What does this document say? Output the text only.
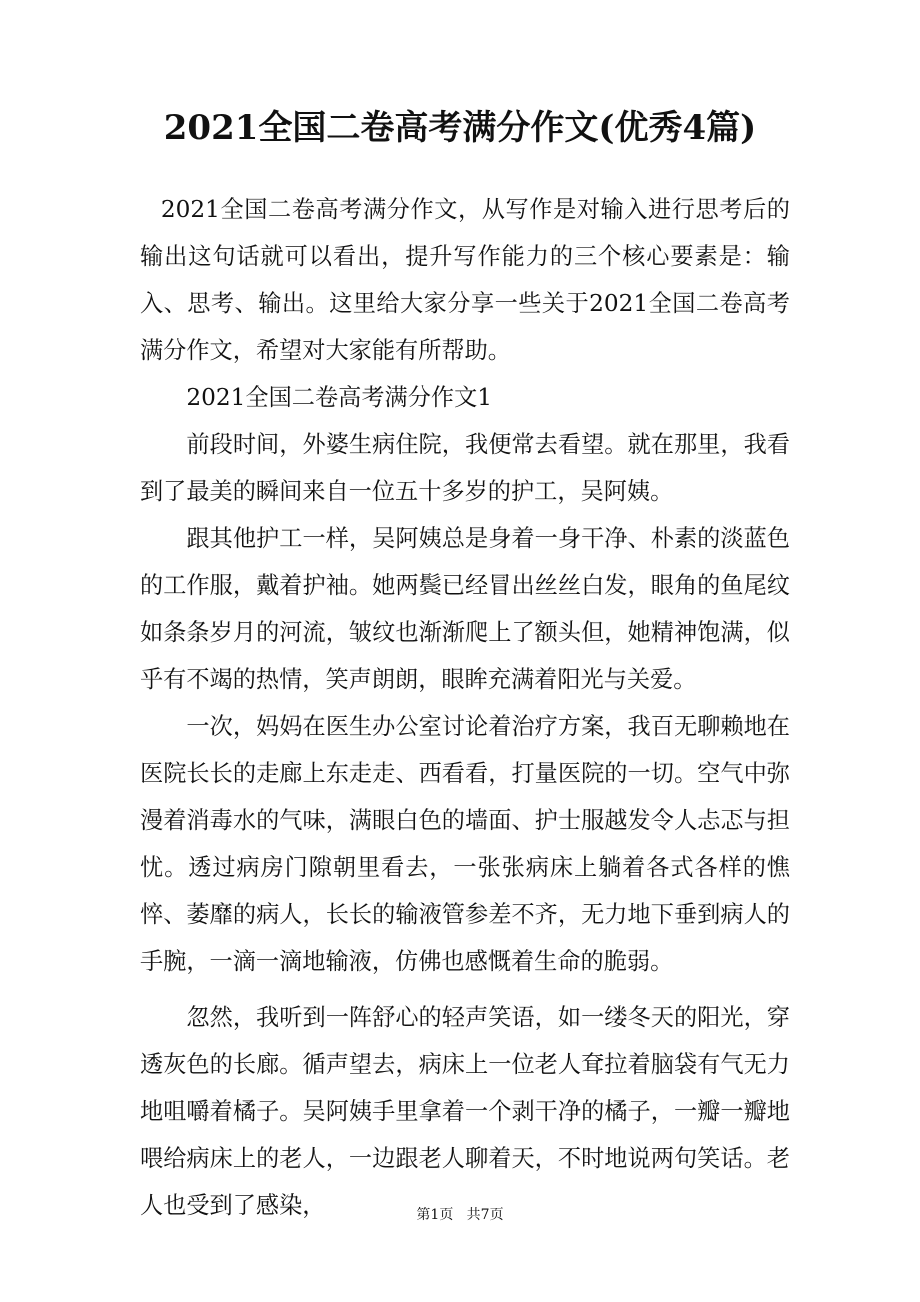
2021全国二卷高考满分作文(优秀4篇)

2021全国二卷高考满分作文，从写作是对输入进行思考后的输出这句话就可以看出，提升写作能力的三个核心要素是：输入、思考、输出。这里给大家分享一些关于2021全国二卷高考满分作文，希望对大家能有所帮助。

2021全国二卷高考满分作文1

前段时间，外婆生病住院，我便常去看望。就在那里，我看到了最美的瞬间来自一位五十多岁的护工，吴阿姨。

跟其他护工一样，吴阿姨总是身着一身干净、朴素的淡蓝色的工作服，戴着护袖。她两鬓已经冒出丝丝白发，眼角的鱼尾纹如条条岁月的河流，皱纹也渐渐爬上了额头但，她精神饱满，似乎有不竭的热情，笑声朗朗，眼眸充满着阳光与关爱。

一次，妈妈在医生办公室讨论着治疗方案，我百无聊赖地在医院长长的走廊上东走走、西看看，打量医院的一切。空气中弥漫着消毒水的气味，满眼白色的墙面、护士服越发令人忐忑与担忧。透过病房门隙朝里看去，一张张病床上躺着各式各样的憔悴、萎靡的病人，长长的输液管参差不齐，无力地下垂到病人的手腕，一滴一滴地输液，仿佛也感慨着生命的脆弱。

忽然，我听到一阵舒心的轻声笑语，如一缕冬天的阳光，穿透灰色的长廊。循声望去，病床上一位老人耷拉着脑袋有气无力地咀嚼着橘子。吴阿姨手里拿着一个剥干净的橘子，一瓣一瓣地喂给病床上的老人，一边跟老人聊着天，不时地说两句笑话。老人也受到了感染，	第1页   共7页
